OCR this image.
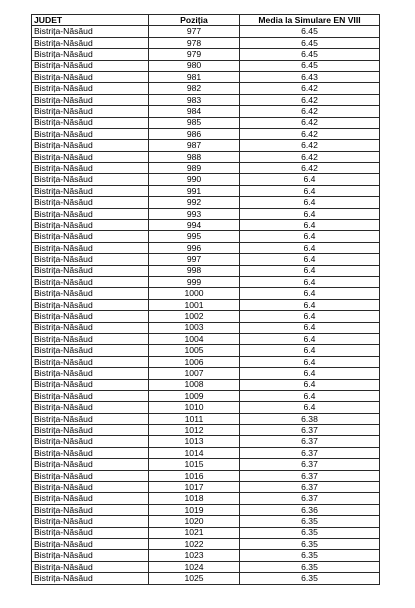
JUDET	Poziția	Media la Simulare EN VIII
Bistrița-Năsăud	977	6.45
Bistrița-Năsăud	978	6.45
Bistrița-Năsăud	979	6.45
Bistrița-Năsăud	980	6.45
Bistrița-Năsăud	981	6.43
Bistrița-Năsăud	982	6.42
Bistrița-Năsăud	983	6.42
Bistrița-Năsăud	984	6.42
Bistrița-Năsăud	985	6.42
Bistrița-Năsăud	986	6.42
Bistrița-Năsăud	987	6.42
Bistrița-Năsăud	988	6.42
Bistrița-Năsăud	989	6.42
Bistrița-Năsăud	990	6.4
Bistrița-Năsăud	991	6.4
Bistrița-Năsăud	992	6.4
Bistrița-Năsăud	993	6.4
Bistrița-Năsăud	994	6.4
Bistrița-Năsăud	995	6.4
Bistrița-Năsăud	996	6.4
Bistrița-Năsăud	997	6.4
Bistrița-Năsăud	998	6.4
Bistrița-Năsăud	999	6.4
Bistrița-Năsăud	1000	6.4
Bistrița-Năsăud	1001	6.4
Bistrița-Năsăud	1002	6.4
Bistrița-Năsăud	1003	6.4
Bistrița-Năsăud	1004	6.4
Bistrița-Năsăud	1005	6.4
Bistrița-Năsăud	1006	6.4
Bistrița-Năsăud	1007	6.4
Bistrița-Năsăud	1008	6.4
Bistrița-Năsăud	1009	6.4
Bistrița-Năsăud	1010	6.4
Bistrița-Năsăud	1011	6.38
Bistrița-Năsăud	1012	6.37
Bistrița-Năsăud	1013	6.37
Bistrița-Năsăud	1014	6.37
Bistrița-Năsăud	1015	6.37
Bistrița-Năsăud	1016	6.37
Bistrița-Năsăud	1017	6.37
Bistrița-Năsăud	1018	6.37
Bistrița-Năsăud	1019	6.36
Bistrița-Năsăud	1020	6.35
Bistrița-Năsăud	1021	6.35
Bistrița-Năsăud	1022	6.35
Bistrița-Năsăud	1023	6.35
Bistrița-Năsăud	1024	6.35
Bistrița-Năsăud	1025	6.35
